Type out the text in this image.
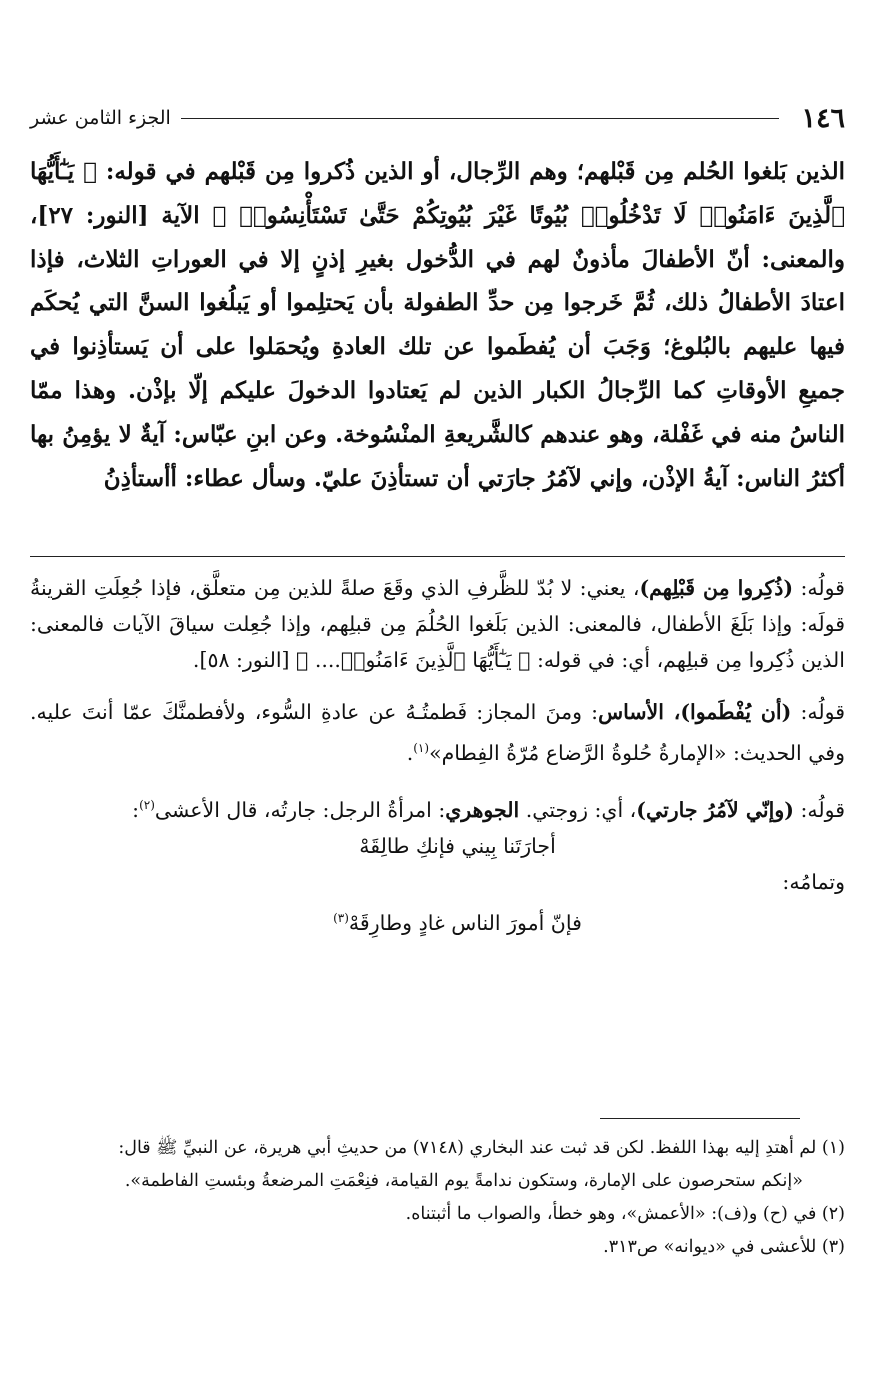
١٤٦
الجزء الثامن عشر

الذين بَلغوا الحُلم مِن قَبْلهم؛ وهم الرِّجال، أو الذين ذُكروا مِن قَبْلهم في قوله: ﴿ يَـٰٓأَيُّهَا ٱلَّذِينَ ءَامَنُوا۟ لَا تَدْخُلُوا۟ بُيُوتًا غَيْرَ بُيُوتِكُمْ حَتَّىٰ تَسْتَأْنِسُوا۟ ﴾ الآية [النور: ٢٧]، والمعنى: أنّ الأطفالَ مأذونٌ لهم في الدُّخول بغيرِ إذنٍ إلا في العوراتِ الثلاث، فإذا اعتادَ الأطفالُ ذلك، ثُمَّ خَرجوا مِن حدِّ الطفولة بأن يَحتلِموا أو يَبلُغوا السنَّ التي يُحكَم فيها عليهم بالبُلوغ؛ وَجَبَ أن يُفطَموا عن تلك العادةِ ويُحمَلوا على أن يَستأذِنوا في جميعِ الأوقاتِ كما الرِّجالُ الكبار الذين لم يَعتادوا الدخولَ عليكم إلّا بإذْن. وهذا ممّا الناسُ منه في غَفْلة، وهو عندهم كالشَّريعةِ المنْسُوخة. وعن ابنِ عبّاس: آيةٌ لا يؤمِنُ بها أكثرُ الناس: آيةُ الإذْن، وإني لآمُرُ جارَتي أن تستأذِنَ عليّ. وسأل عطاء: أأستأذِنُ

قولُه: (ذُكِروا مِن قَبْلِهم)، يعني: لا بُدّ للظَّرفِ الذي وقَعَ صلةً للذين مِن متعلَّق، فإذا جُعِلَتِ القرينةُ قولَه: وإذا بَلَغَ الأطفال، فالمعنى: الذين بَلَغوا الحُلُمَ مِن قبلِهم، وإذا جُعِلت سياقَ الآيات فالمعنى: الذين ذُكِروا مِن قبلِهم، أي: في قوله: ﴿ يَـٰٓأَيُّهَا ٱلَّذِينَ ءَامَنُوا۟.... ﴾ [النور: ٥٨].

قولُه: (أن يُفْطَموا)، الأساس: ومنَ المجاز: فَطمتُـهُ عن عادةِ السُّوء، ولأفطمنَّكَ عمّا أنتَ عليه. وفي الحديث: «الإمارةُ حُلوةُ الرَّضاع مُرّةُ الفِطام»$^{(١)}$.

قولُه: (وإنّي لآمُرُ جارتي)، أي: زوجتي. الجوهري: امرأةُ الرجل: جارتُه، قال الأعشى$^{(٢)}$:

أجارَتَنا بِيني فإنكِ طالِقَهْ

وتمامُه:

فإنّ أمورَ الناس غادٍ وطارِقَهْ$^{(٣)}$

(١) لم أهتدِ إليه بهذا اللفظ. لكن قد ثبت عند البخاري (٧١٤٨) من حديثِ أبي هريرة، عن النبيِّ ﷺ قال:

«إنكم ستحرصون على الإمارة، وستكون ندامةً يوم القيامة، فنِعْمَتِ المرضعةُ وبئستِ الفاطمة».

(٢) في (ح) و(ف): «الأعمش»، وهو خطأ، والصواب ما أثبتناه.

(٣) للأعشى في «ديوانه» ص٣١٣.
